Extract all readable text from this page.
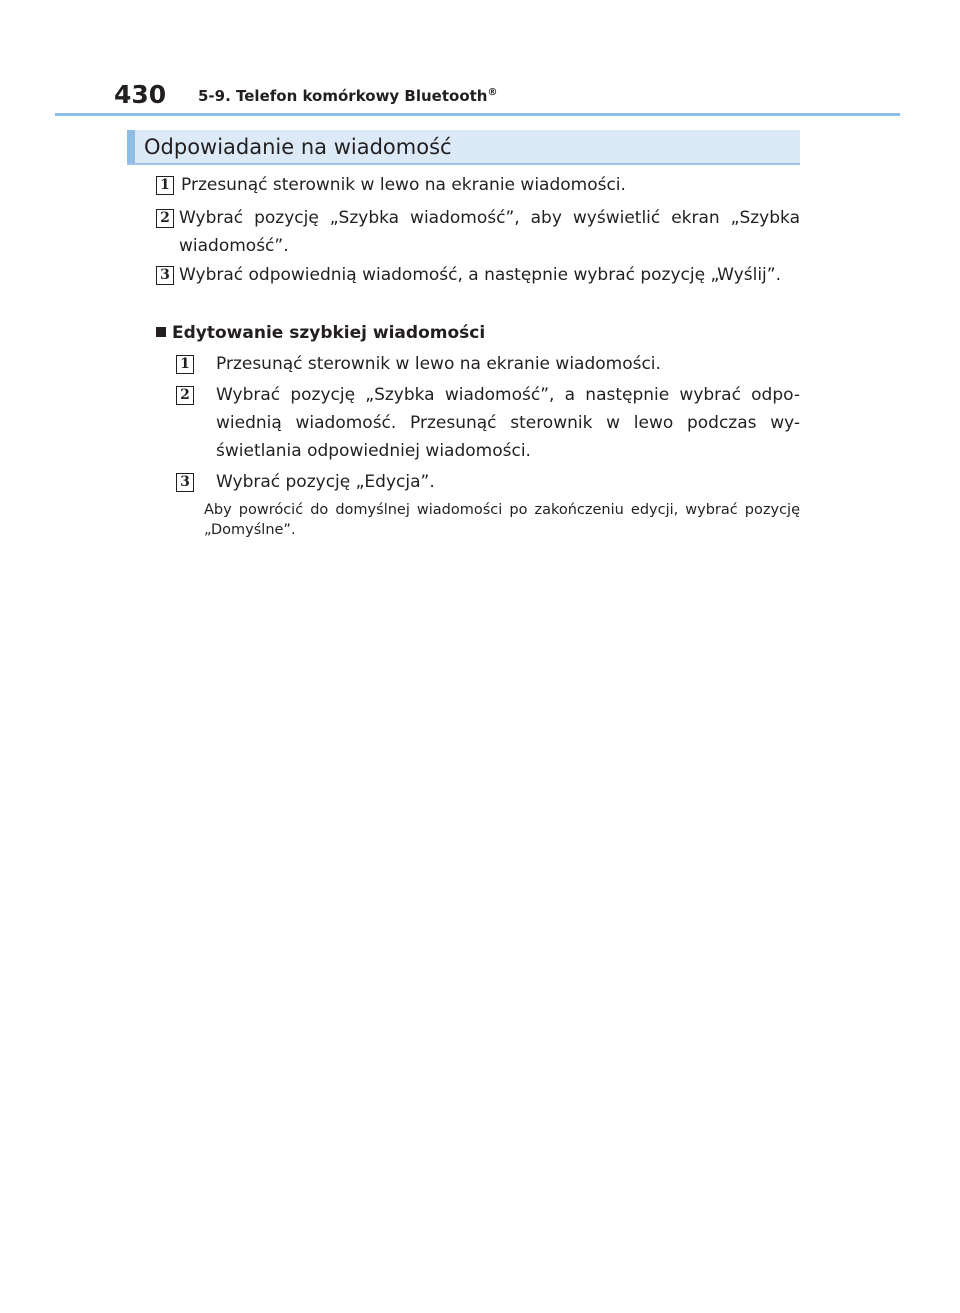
430 5-9. Telefon komórkowy Bluetooth®
Odpowiadanie na wiadomość
1 Przesunąć sterownik w lewo na ekranie wiadomości.
2 Wybrać pozycję „Szybka wiadomość”, aby wyświetlić ekran „Szybka wiadomość”.
3 Wybrać odpowiednią wiadomość, a następnie wybrać pozycję „Wyślij”.
Edytowanie szybkiej wiadomości
1	Przesunąć sterownik w lewo na ekranie wiadomości.
2	Wybrać pozycję „Szybka wiadomość”, a następnie wybrać odpo- wiednią wiadomość. Przesunąć sterownik w lewo podczas wy- świetlania odpowiedniej wiadomości.
3	Wybrać pozycję „Edycja”.
Aby powrócić do domyślnej wiadomości po zakończeniu edycji, wybrać pozycję „Domyślne”.
